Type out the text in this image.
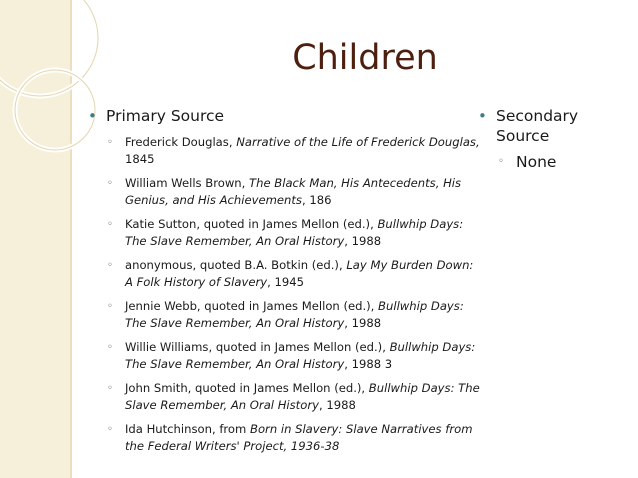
Children
• Primary Source
◦	Frederick Douglas, Narrative of the Life of Frederick Douglas, 1845
◦	William Wells Brown, The Black Man, His Antecedents, His Genius, and His Achievements, 186
◦	Katie Sutton, quoted in James Mellon (ed.), Bullwhip Days: The Slave Remember, An Oral History, 1988
◦	anonymous, quoted B.A. Botkin (ed.), Lay My Burden Down: A Folk History of Slavery, 1945
◦	Jennie Webb, quoted in James Mellon (ed.), Bullwhip Days: The Slave Remember, An Oral History, 1988
◦	Willie Williams, quoted in James Mellon (ed.), Bullwhip Days: The Slave Remember, An Oral History, 1988 3
◦	John Smith, quoted in James Mellon (ed.), Bullwhip Days: The Slave Remember, An Oral History, 1988
◦	Ida Hutchinson, from Born in Slavery: Slave Narratives from the Federal Writers' Project, 1936-38
• Secondary Source
◦ None
